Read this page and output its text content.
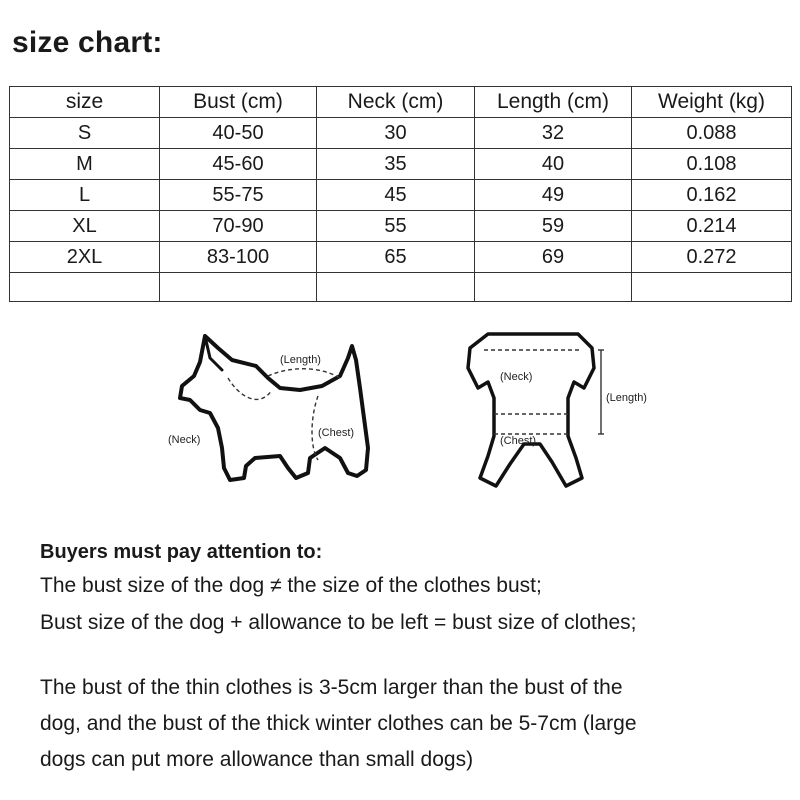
size chart:
size	Bust (cm)	Neck (cm)	Length (cm)	Weight (kg)
S	40-50	30	32	0.088
M	45-60	35	40	0.108
L	55-75	45	49	0.162
XL	70-90	55	59	0.214
2XL	83-100	65	69	0.272

(Length)
(Neck)
(Chest)
(Neck)
(Chest)
(Length)
Buyers must pay attention to:
The bust size of the dog ≠ the size of the clothes bust;
Bust size of the dog + allowance to be left = bust size of clothes;
The bust of the thin clothes is 3-5cm larger than the bust of the
dog, and the bust of the thick winter clothes can be 5-7cm (large
dogs can put more allowance than small dogs)
